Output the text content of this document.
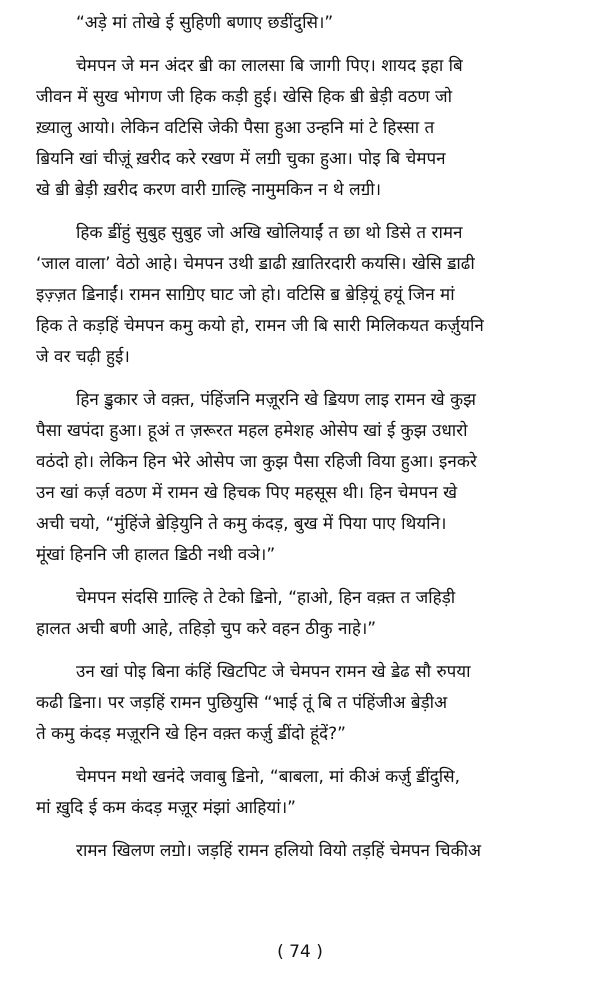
“अड़े मां तोखे ई सुहिणी बणाए छडींदुसि।”

चेमपन जे मन अंदर ॿी का लालसा बि जागी पिए। शायद इहा बि
जीवन में सुख भोगण जी हिक कड़ी हुई। खेसि हिक ॿी ॿेड़ी वठण जो
ख़्यालु आयो। लेकिन वटिसि जेकी पैसा हुआ उन्हनि मां टे हिस्सा त
ॿियनि खां चीज़ूं ख़रीद करे रखण में लॻी चुका हुआ। पोइ बि चेमपन
खे ॿी ॿेड़ी ख़रीद करण वारी ॻाल्हि नामुमकिन न थे लॻी।

हिक ॾींहुं सुबुह सुबुह जो अखि खोलियाईं त छा थो डिसे त रामन
‘जाल वाला’ वेठो आहे। चेमपन उथी ॾाढी ख़ातिरदारी कयसि। खेसि ॾाढी
इज़्ज़त ॾिनाईं। रामन साॻिए घाट जो हो। वटिसि ॿ ॿेड़ियूं हयूं जिन मां
हिक ते कड़हिं चेमपन कमु कयो हो, रामन जी बि सारी मिलिकयत कर्ज़ुयनि
जे वर चढ़ी हुई।

हिन ॾुकार जे वक़्त, पंहिंजनि मज़ूरनि खे ॾियण लाइ रामन खे कुझ
पैसा खपंदा हुआ। हूअं त ज़रूरत महल हमेशह ओसेप खां ई कुझ उधारो
वठंदो हो। लेकिन हिन भेरे ओसेप जा कुझ पैसा रहिजी विया हुआ। इनकरे
उन खां कर्ज़ वठण में रामन खे हिचक पिए महसूस थी। हिन चेमपन खे
अची चयो, “मुंहिंजे ॿेड़ियुनि ते कमु कंदड़, बुख में पिया पाए थियनि।
मूंखां हिननि जी हालत ॾिठी नथी वञे।”

चेमपन संदसि ॻाल्हि ते टेको ॾिनो, “हाओ, हिन वक़्त त जहिड़ी
हालत अची बणी आहे, तहिड़ो चुप करे वहन ठीकु नाहे।”

उन खां पोइ बिना कंहिं खिटपिट जे चेमपन रामन खे ॾेढ सौ रुपया
कढी ॾिना। पर जड़हिं रामन पुछियुसि “भाई तूं बि त पंहिंजीअ ॿेड़ीअ
ते कमु कंदड़ मज़ूरनि खे हिन वक़्त कर्ज़ु ॾींदो हूंदें?”

चेमपन मथो खनंदे जवाबु ॾिनो, “बाबला, मां कीअं कर्ज़ु ॾींदुसि,
मां ख़ुदि ई कम कंदड़ मज़ूर मंझां आहियां।”

रामन खिलण लॻो। जड़हिं रामन हलियो वियो तड़हिं चेमपन चिकीअ

( 74 )
